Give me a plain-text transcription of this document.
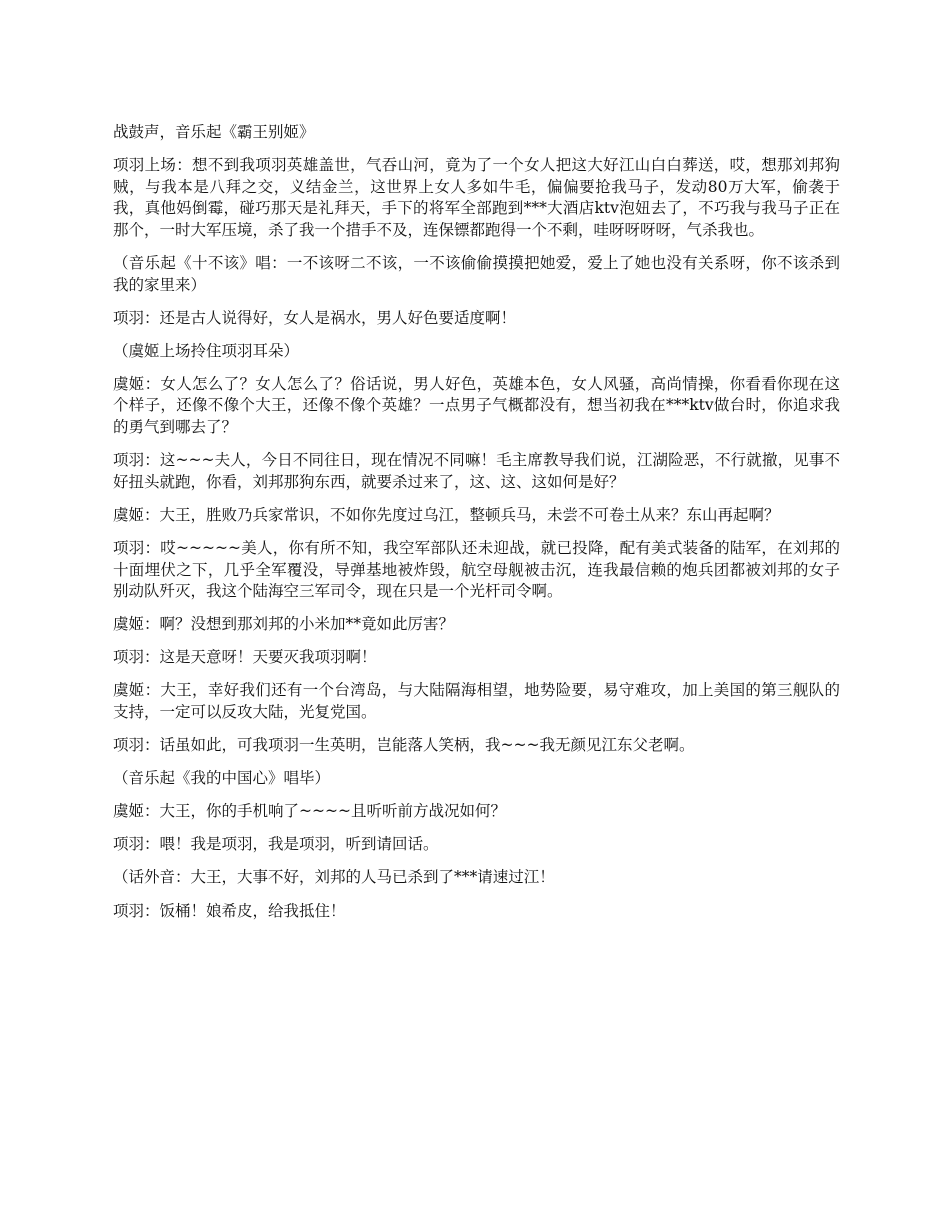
战鼓声，音乐起《霸王别姬》

项羽上场：想不到我项羽英雄盖世，气吞山河，竟为了一个女人把这大好江山白白葬送，哎，想那刘邦狗贼，与我本是八拜之交，义结金兰，这世界上女人多如牛毛，偏偏要抢我马子，发动80万大军，偷袭于我，真他妈倒霉，碰巧那天是礼拜天，手下的将军全部跑到***大酒店ktv泡妞去了，不巧我与我马子正在那个，一时大军压境，杀了我一个措手不及，连保镖都跑得一个不剩，哇呀呀呀呀，气杀我也。

（音乐起《十不该》唱：一不该呀二不该，一不该偷偷摸摸把她爱，爱上了她也没有关系呀，你不该杀到我的家里来）

项羽：还是古人说得好，女人是祸水，男人好色要适度啊！

（虞姬上场拎住项羽耳朵）

虞姬：女人怎么了？女人怎么了？俗话说，男人好色，英雄本色，女人风骚，高尚情操，你看看你现在这个样子，还像不像个大王，还像不像个英雄？一点男子气概都没有，想当初我在***ktv做台时，你追求我的勇气到哪去了？

项羽：这~~~夫人，今日不同往日，现在情况不同嘛！毛主席教导我们说，江湖险恶，不行就撤，见事不好扭头就跑，你看，刘邦那狗东西，就要杀过来了，这、这、这如何是好？

虞姬：大王，胜败乃兵家常识，不如你先度过乌江，整顿兵马，未尝不可卷土从来？东山再起啊？

项羽：哎~~~~~美人，你有所不知，我空军部队还未迎战，就已投降，配有美式装备的陆军，在刘邦的十面埋伏之下，几乎全军覆没，导弹基地被炸毁，航空母舰被击沉，连我最信赖的炮兵团都被刘邦的女子别动队歼灭，我这个陆海空三军司令，现在只是一个光杆司令啊。

虞姬：啊？没想到那刘邦的小米加**竟如此厉害？

项羽：这是天意呀！天要灭我项羽啊！

虞姬：大王，幸好我们还有一个台湾岛，与大陆隔海相望，地势险要，易守难攻，加上美国的第三舰队的支持，一定可以反攻大陆，光复党国。

项羽：话虽如此，可我项羽一生英明，岂能落人笑柄，我~~~我无颜见江东父老啊。

（音乐起《我的中国心》唱毕）

虞姬：大王，你的手机响了~~~~且听听前方战况如何？

项羽：喂！我是项羽，我是项羽，听到请回话。

（话外音：大王，大事不好，刘邦的人马已杀到了***请速过江！

项羽：饭桶！娘希皮，给我抵住！
